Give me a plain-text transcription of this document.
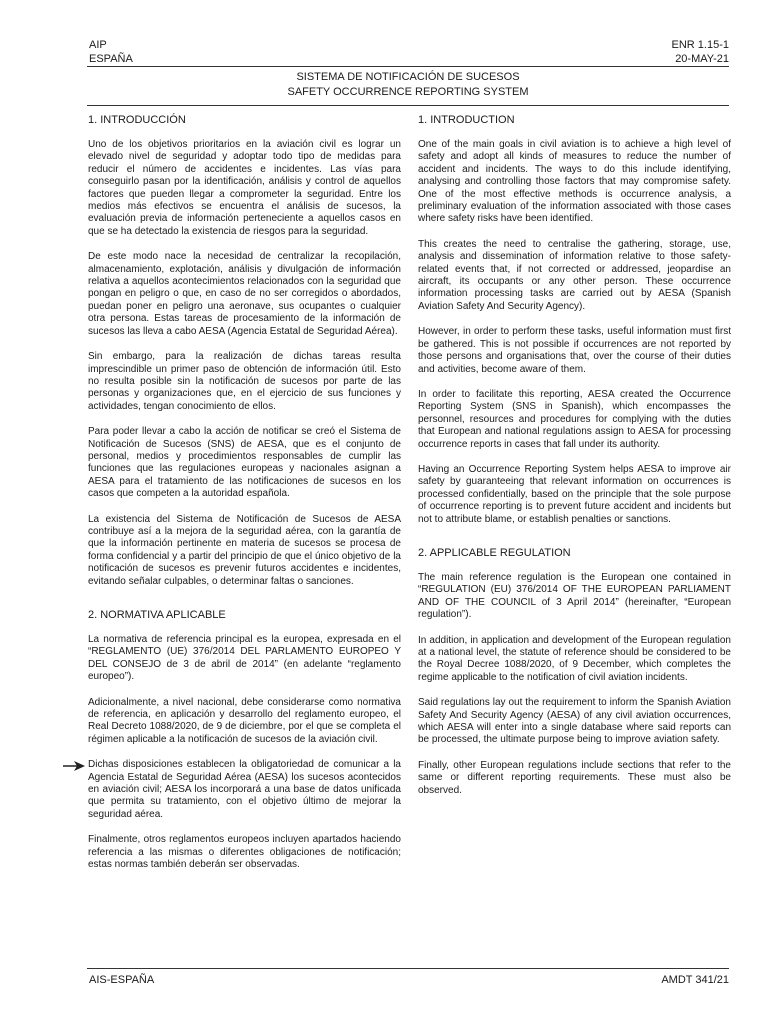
AIP
ESPAÑA
ENR 1.15-1
20-MAY-21
SISTEMA DE NOTIFICACIÓN DE SUCESOS
SAFETY OCCURRENCE REPORTING SYSTEM

1. INTRODUCCIÓN

Uno de los objetivos prioritarios en la aviación civil es lograr un elevado nivel de seguridad y adoptar todo tipo de medidas para reducir el número de accidentes e incidentes. Las vías para conseguirlo pasan por la identificación, análisis y control de aquellos factores que pueden llegar a comprometer la seguridad. Entre los medios más efectivos se encuentra el análisis de sucesos, la evaluación previa de información perteneciente a aquellos casos en que se ha detectado la existencia de riesgos para la seguridad.

De este modo nace la necesidad de centralizar la recopilación, almacenamiento, explotación, análisis y divulgación de información relativa a aquellos acontecimientos relacionados con la seguridad que pongan en peligro o que, en caso de no ser corregidos o abordados, puedan poner en peligro una aeronave, sus ocupantes o cualquier otra persona. Estas tareas de procesamiento de la información de sucesos las lleva a cabo AESA (Agencia Estatal de Seguridad Aérea).

Sin embargo, para la realización de dichas tareas resulta imprescindible un primer paso de obtención de información útil. Esto no resulta posible sin la notificación de sucesos por parte de las personas y organizaciones que, en el ejercicio de sus funciones y actividades, tengan conocimiento de ellos.

Para poder llevar a cabo la acción de notificar se creó el Sistema de Notificación de Sucesos (SNS) de AESA, que es el conjunto de personal, medios y procedimientos responsables de cumplir las funciones que las regulaciones europeas y nacionales asignan a AESA para el tratamiento de las notificaciones de sucesos en los casos que competen a la autoridad española.

La existencia del Sistema de Notificación de Sucesos de AESA contribuye así a la mejora de la seguridad aérea, con la garantía de que la información pertinente en materia de sucesos se procesa de forma confidencial y a partir del principio de que el único objetivo de la notificación de sucesos es prevenir futuros accidentes e incidentes, evitando señalar culpables, o determinar faltas o sanciones.

2. NORMATIVA APLICABLE

La normativa de referencia principal es la europea, expresada en el “REGLAMENTO (UE) 376/2014 DEL PARLAMENTO EUROPEO Y DEL CONSEJO de 3 de abril de 2014” (en adelante “reglamento europeo”).

Adicionalmente, a nivel nacional, debe considerarse como normativa de referencia, en aplicación y desarrollo del reglamento europeo, el Real Decreto 1088/2020, de 9 de diciembre, por el que se completa el régimen aplicable a la notificación de sucesos de la aviación civil.

Dichas disposiciones establecen la obligatoriedad de comunicar a la Agencia Estatal de Seguridad Aérea (AESA) los sucesos acontecidos en aviación civil; AESA los incorporará a una base de datos unificada que permita su tratamiento, con el objetivo último de mejorar la seguridad aérea.

Finalmente, otros reglamentos europeos incluyen apartados haciendo referencia a las mismas o diferentes obligaciones de notificación; estas normas también deberán ser observadas.

1. INTRODUCTION

One of the main goals in civil aviation is to achieve a high level of safety and adopt all kinds of measures to reduce the number of accident and incidents. The ways to do this include identifying, analysing and controlling those factors that may compromise safety. One of the most effective methods is occurrence analysis, a preliminary evaluation of the information associated with those cases where safety risks have been identified.

This creates the need to centralise the gathering, storage, use, analysis and dissemination of information relative to those safety-related events that, if not corrected or addressed, jeopardise an aircraft, its occupants or any other person. These occurrence information processing tasks are carried out by AESA (Spanish Aviation Safety And Security Agency).

However, in order to perform these tasks, useful information must first be gathered. This is not possible if occurrences are not reported by those persons and organisations that, over the course of their duties and activities, become aware of them.

In order to facilitate this reporting, AESA created the Occurrence Reporting System (SNS in Spanish), which encompasses the personnel, resources and procedures for complying with the duties that European and national regulations assign to AESA for processing occurrence reports in cases that fall under its authority.

Having an Occurrence Reporting System helps AESA to improve air safety by guaranteeing that relevant information on occurrences is processed confidentially, based on the principle that the sole purpose of occurrence reporting is to prevent future accident and incidents but not to attribute blame, or establish penalties or sanctions.

2. APPLICABLE REGULATION

The main reference regulation is the European one contained in “REGULATION (EU) 376/2014 OF THE EUROPEAN PARLIAMENT AND OF THE COUNCIL of 3 April 2014” (hereinafter, “European regulation”).

In addition, in application and development of the European regulation at a national level, the statute of reference should be considered to be the Royal Decree 1088/2020, of 9 December, which completes the regime applicable to the notification of civil aviation incidents.

Said regulations lay out the requirement to inform the Spanish Aviation Safety And Security Agency (AESA) of any civil aviation occurrences, which AESA will enter into a single database where said reports can be processed, the ultimate purpose being to improve aviation safety.

Finally, other European regulations include sections that refer to the same or different reporting requirements. These must also be observed.

AIS-ESPAÑA	AMDT 341/21
